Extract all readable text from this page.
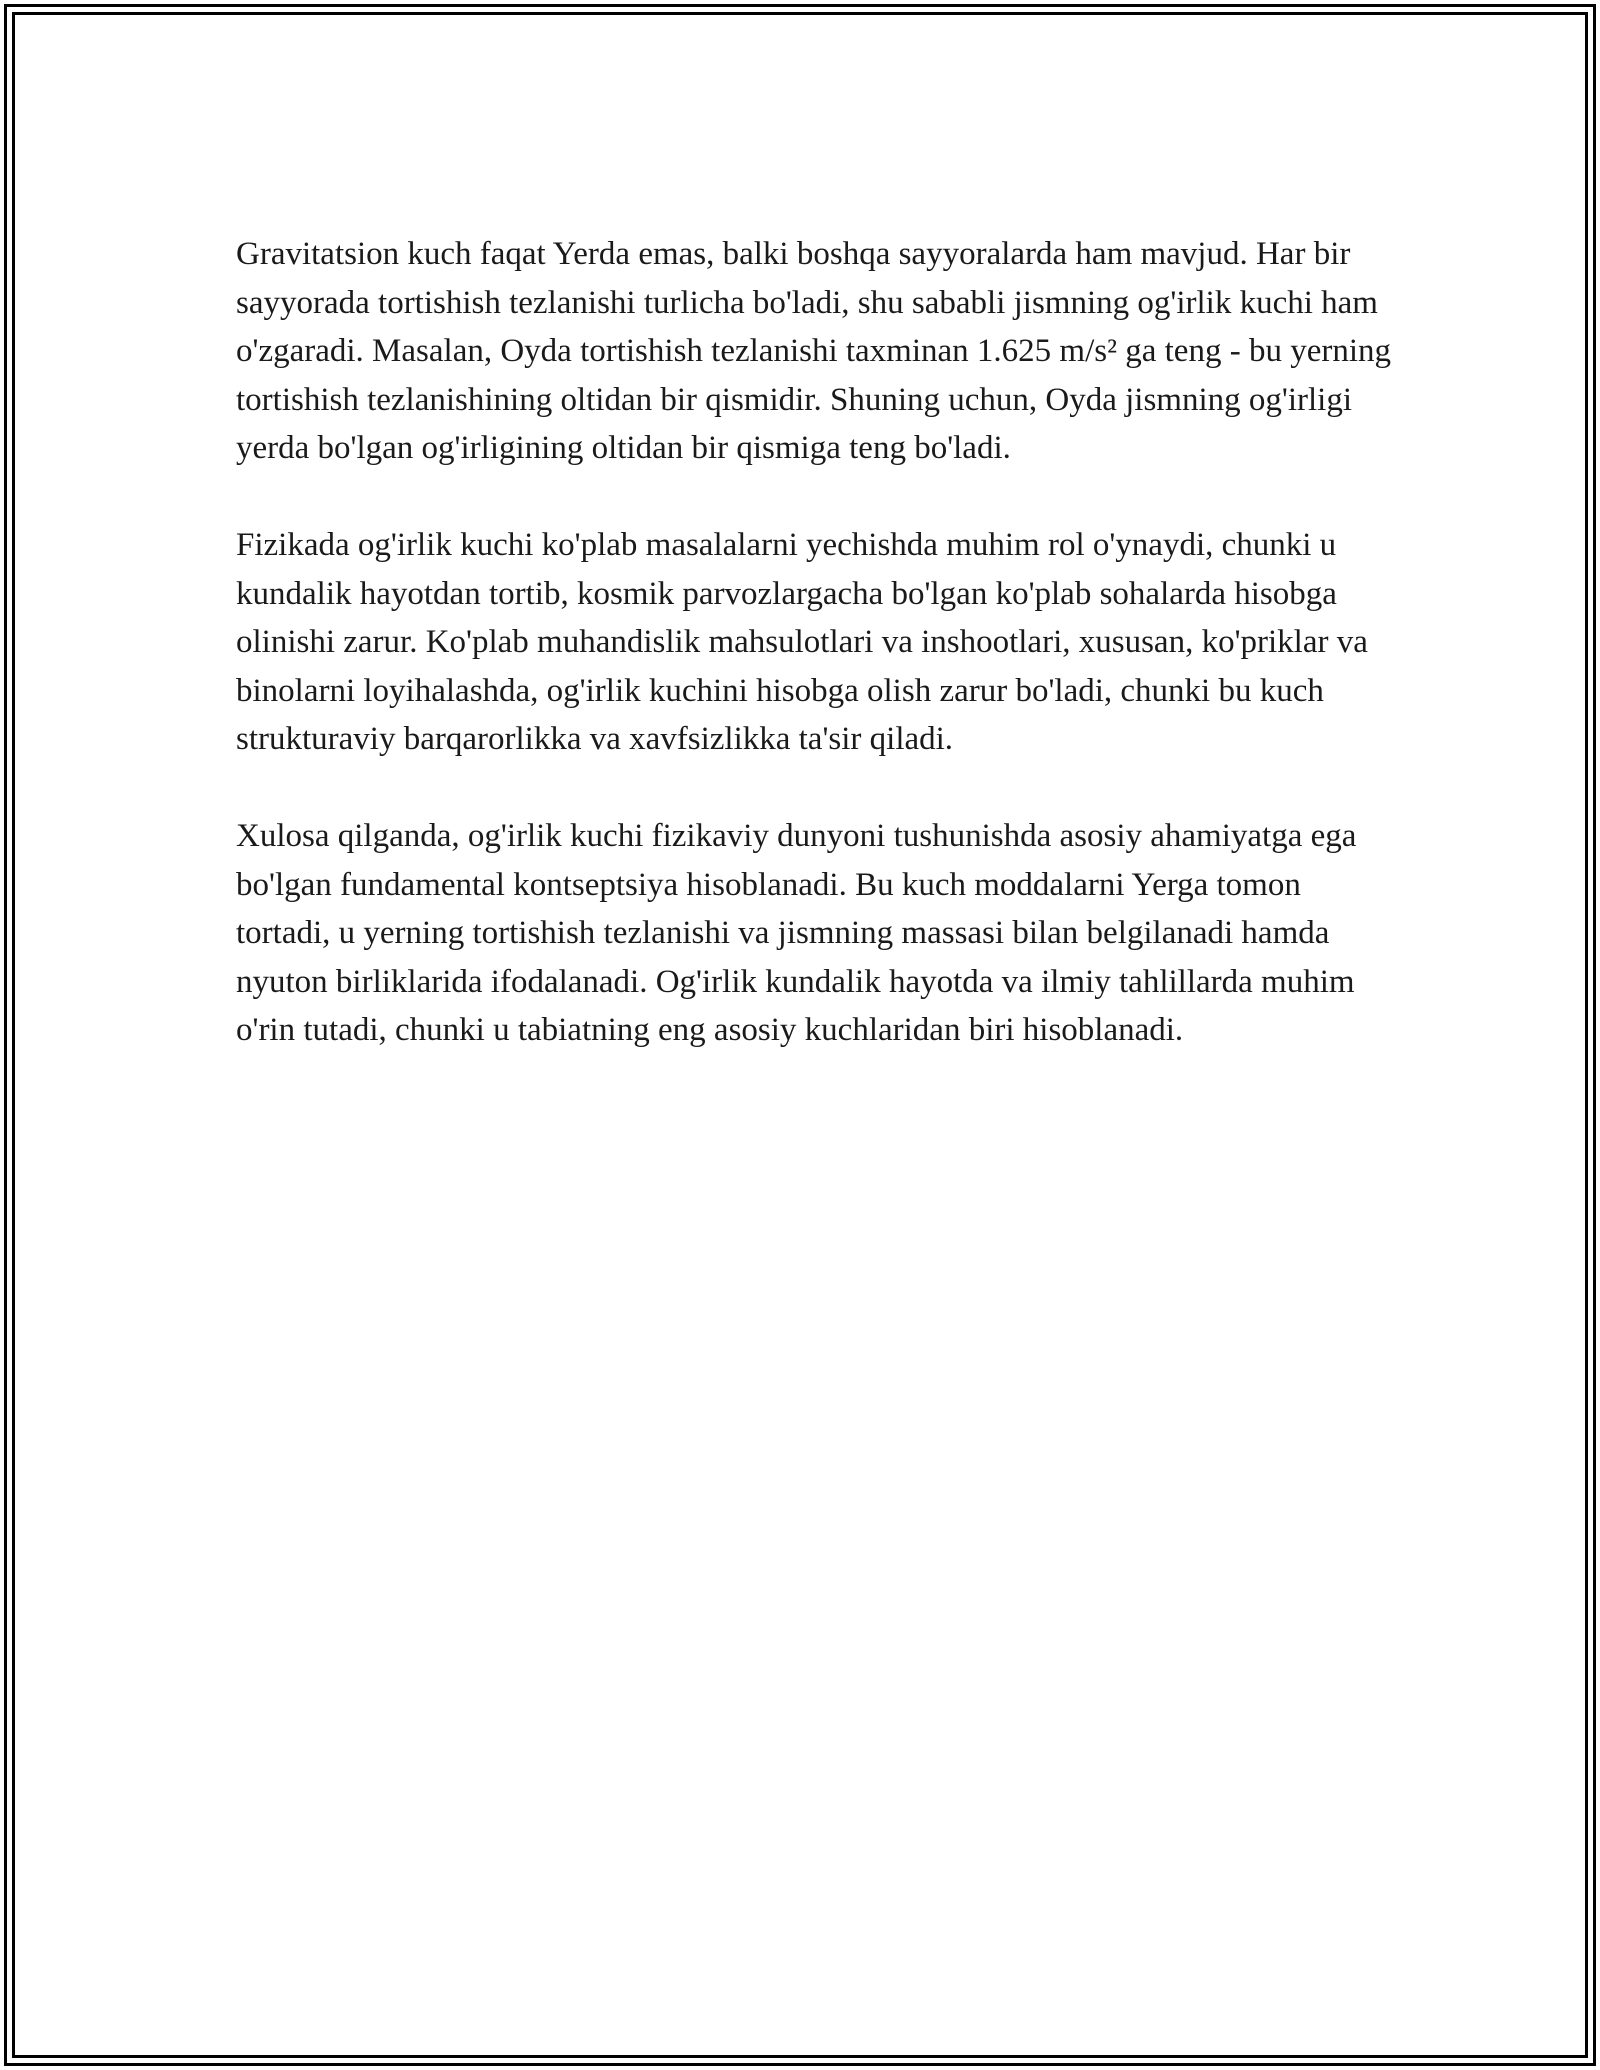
Gravitatsion kuch faqat Yerda emas, balki boshqa sayyoralarda ham mavjud. Har bir sayyorada tortishish tezlanishi turlicha bo'ladi, shu sababli jismning og'irlik kuchi ham o'zgaradi. Masalan, Oyda tortishish tezlanishi taxminan 1.625 m/s² ga teng - bu yerning tortishish tezlanishining oltidan bir qismidir. Shuning uchun, Oyda jismning og'irligi yerda bo'lgan og'irligining oltidan bir qismiga teng bo'ladi.

Fizikada og'irlik kuchi ko'plab masalalarni yechishda muhim rol o'ynaydi, chunki u kundalik hayotdan tortib, kosmik parvozlargacha bo'lgan ko'plab sohalarda hisobga olinishi zarur. Ko'plab muhandislik mahsulotlari va inshootlari, xususan, ko'priklar va binolarni loyihalashda, og'irlik kuchini hisobga olish zarur bo'ladi, chunki bu kuch strukturaviy barqarorlikka va xavfsizlikka ta'sir qiladi.

Xulosa qilganda, og'irlik kuchi fizikaviy dunyoni tushunishda asosiy ahamiyatga ega bo'lgan fundamental kontseptsiya hisoblanadi. Bu kuch moddalarni Yerga tomon tortadi, u yerning tortishish tezlanishi va jismning massasi bilan belgilanadi hamda nyuton birliklarida ifodalanadi. Og'irlik kundalik hayotda va ilmiy tahlillarda muhim o'rin tutadi, chunki u tabiatning eng asosiy kuchlaridan biri hisoblanadi.
